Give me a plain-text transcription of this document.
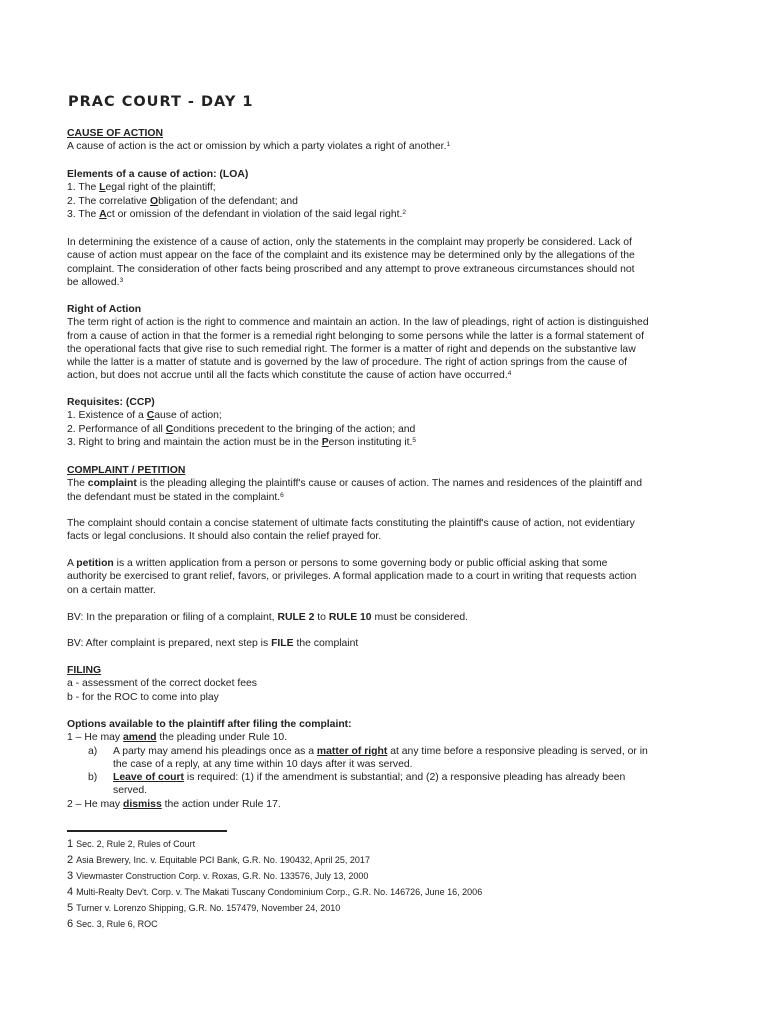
PRAC COURT - DAY 1
CAUSE OF ACTION
A cause of action is the act or omission by which a party violates a right of another.$^1$
Elements of a cause of action: (LOA)
1. The Legal right of the plaintiff;
2. The correlative Obligation of the defendant; and
3. The Act or omission of the defendant in violation of the said legal right.$^2$
In determining the existence of a cause of action, only the statements in the complaint may properly be considered. Lack of
cause of action must appear on the face of the complaint and its existence may be determined only by the allegations of the
complaint. The consideration of other facts being proscribed and any attempt to prove extraneous circumstances should not
be allowed.$^3$
Right of Action
The term right of action is the right to commence and maintain an action. In the law of pleadings, right of action is distinguished
from a cause of action in that the former is a remedial right belonging to some persons while the latter is a formal statement of
the operational facts that give rise to such remedial right. The former is a matter of right and depends on the substantive law
while the latter is a matter of statute and is governed by the law of procedure. The right of action springs from the cause of
action, but does not accrue until all the facts which constitute the cause of action have occurred.$^4$
Requisites: (CCP)
1. Existence of a Cause of action;
2. Performance of all Conditions precedent to the bringing of the action; and
3. Right to bring and maintain the action must be in the Person instituting it.$^5$
COMPLAINT / PETITION
The complaint is the pleading alleging the plaintiff's cause or causes of action. The names and residences of the plaintiff and
the defendant must be stated in the complaint.$^6$
The complaint should contain a concise statement of ultimate facts constituting the plaintiff's cause of action, not evidentiary
facts or legal conclusions. It should also contain the relief prayed for.
A petition is a written application from a person or persons to some governing body or public official asking that some
authority be exercised to grant relief, favors, or privileges. A formal application made to a court in writing that requests action
on a certain matter.
BV: In the preparation or filing of a complaint, RULE 2 to RULE 10 must be considered.
BV: After complaint is prepared, next step is FILE the complaint
FILING
a - assessment of the correct docket fees
b - for the ROC to come into play
Options available to the plaintiff after filing the complaint:
1 – He may amend the pleading under Rule 10.
a) A party may amend his pleadings once as a matter of right at any time before a responsive pleading is served, or in
the case of a reply, at any time within 10 days after it was served.
b) Leave of court is required: (1) if the amendment is substantial; and (2) a responsive pleading has already been
served.
2 – He may dismiss the action under Rule 17.
1 Sec. 2, Rule 2, Rules of Court
2 Asia Brewery, Inc. v. Equitable PCI Bank, G.R. No. 190432, April 25, 2017
3 Viewmaster Construction Corp. v. Roxas, G.R. No. 133576, July 13, 2000
4 Multi-Realty Dev't. Corp. v. The Makati Tuscany Condominium Corp., G.R. No. 146726, June 16, 2006
5 Turner v. Lorenzo Shipping, G.R. No. 157479, November 24, 2010
6 Sec. 3, Rule 6, ROC
